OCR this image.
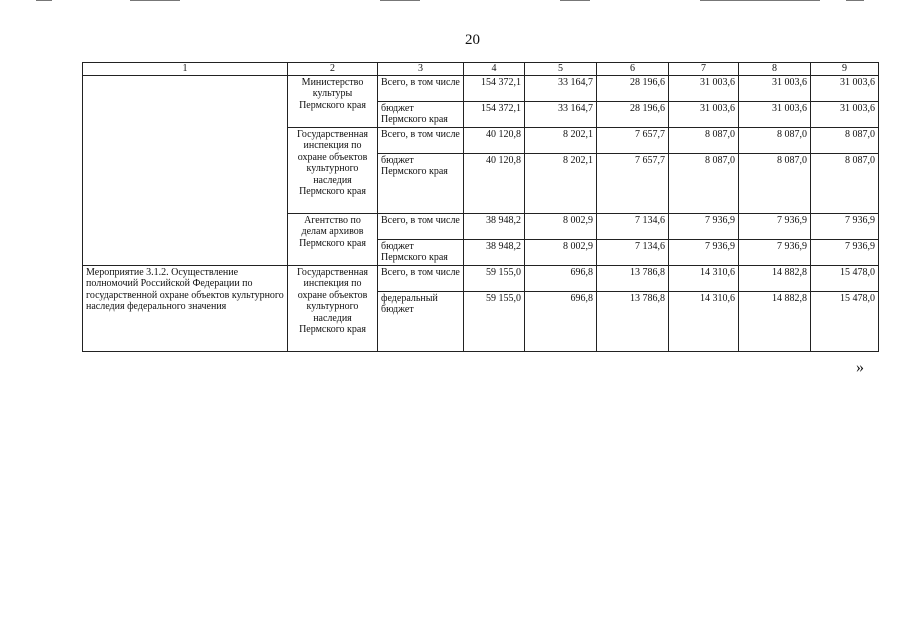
20
1	2	3	4	5	6	7	8	9
	Министерство культуры Пермского края	Всего, в том числе	154 372,1	33 164,7	28 196,6	31 003,6	31 003,6	31 003,6
		бюджет Пермского края	154 372,1	33 164,7	28 196,6	31 003,6	31 003,6	31 003,6
	Государственная инспекция по охране объектов культурного наследия Пермского края	Всего, в том числе	40 120,8	8 202,1	7 657,7	8 087,0	8 087,0	8 087,0
		бюджет Пермского края	40 120,8	8 202,1	7 657,7	8 087,0	8 087,0	8 087,0
	Агентство по делам архивов Пермского края	Всего, в том числе	38 948,2	8 002,9	7 134,6	7 936,9	7 936,9	7 936,9
		бюджет Пермского края	38 948,2	8 002,9	7 134,6	7 936,9	7 936,9	7 936,9
Мероприятие 3.1.2. Осуществление полномочий Российской Федерации по государственной охране объектов культурного наследия федерального значения	Государственная инспекция по охране объектов культурного наследия Пермского края	Всего, в том числе	59 155,0	696,8	13 786,8	14 310,6	14 882,8	15 478,0
		федеральный бюджет	59 155,0	696,8	13 786,8	14 310,6	14 882,8	15 478,0
»
